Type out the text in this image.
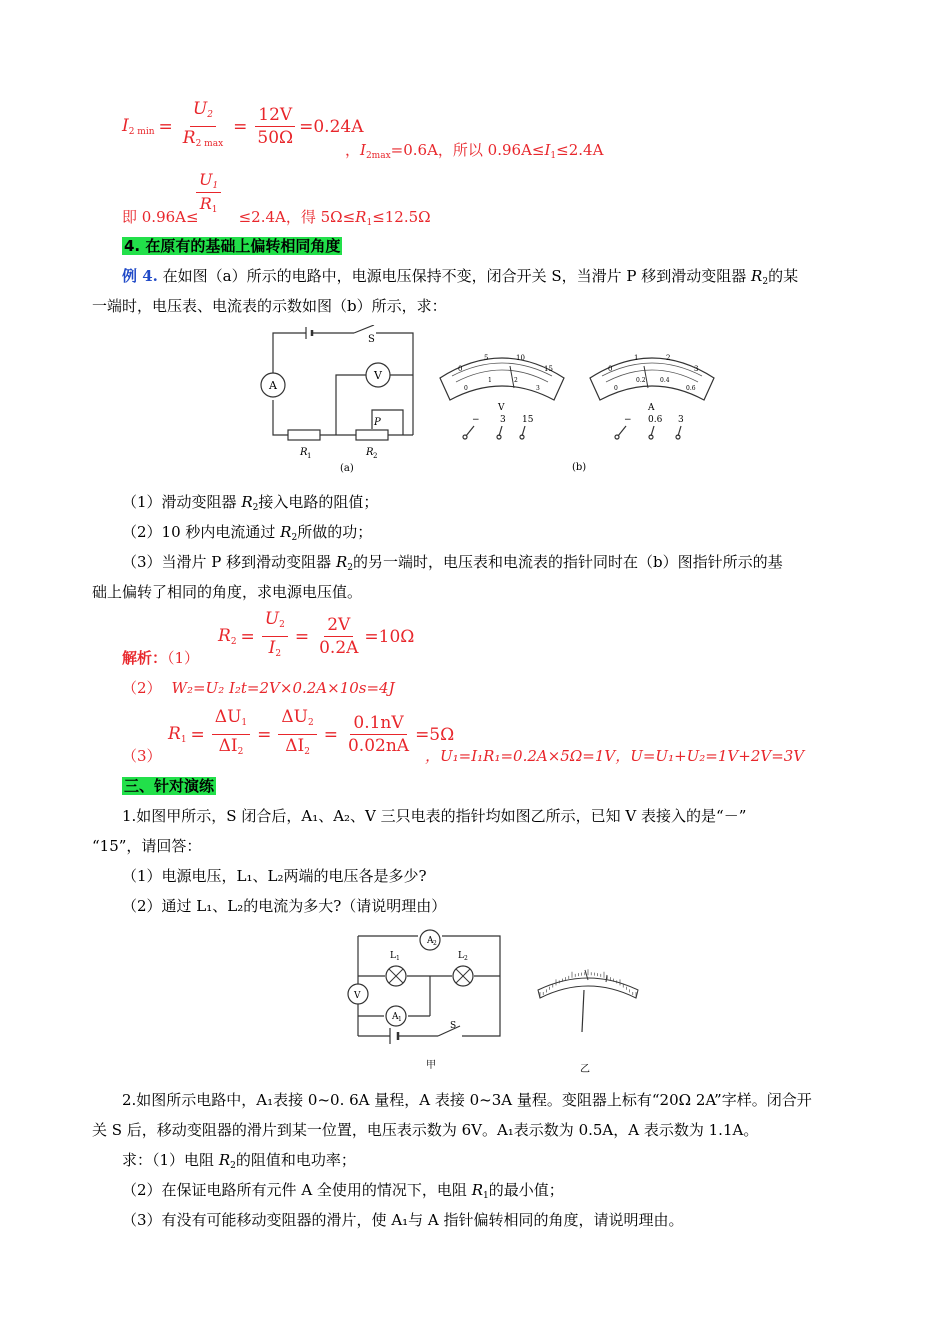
$I_{2 min} = \frac{U_2}{R_{2 max}} = \frac{12V}{50\Omega} =0.24A$
，$I_{2max}=0.6A$，所以 $0.96A\le I_1\le 2.4A$
$U_1$
$R_1$
即 0.96A≤	≤2.4A，得 $5\Omega\le R_1\le 12.5\Omega$
4. 在原有的基础上偏转相同角度
例 4. 在如图（a）所示的电路中，电源电压保持不变，闭合开关 S，当滑片 P 移到滑动变阻器 $R_2$的某
一端时，电压表、电流表的示数如图（b）所示，求：
A
V
S
P
R 1	R 2
(a)
0
5	10
15
0
1	2
3
V
− 3 15
0
1	2
3
0
0.2 0.4
0.6
A
− 0.6 3
(b)
（1）滑动变阻器 $R_2$接入电路的阻值；
（2）10 秒内电流通过 $R_2$所做的功；
（3）当滑片 P 移到滑动变阻器 $R_2$的另一端时，电压表和电流表的指针同时在（b）图指针所示的基
础上偏转了相同的角度，求电源电压值。
$R_2 = \frac{U_2}{I_2} = \frac{2V}{0.2A} =10\Omega$
解析：（1）
（2） W₂=U₂ I₂t=2V×0.2A×10s=4J
$R_1 = \frac{\Delta U_1}{\Delta I_2} = \frac{\Delta U_2}{\Delta I_2} = \frac{0.1nV}{0.02nA} =5\Omega$
（3）	，U₁=I₁R₁=0.2A×5Ω=1V，U=U₁+U₂=1V+2V=3V
三、针对演练
1.如图甲所示，S 闭合后，A₁、A₂、V 三只电表的指针均如图乙所示，已知 V 表接入的是“－”
“15”，请回答：
（1）电源电压，L₁、L₂两端的电压各是多少?
（2）通过 L₁、L₂的电流为多大?（请说明理由）
A 2
L 1	L 2
V
A 1
S
甲	乙
2.如图所示电路中，A₁表接 0~0. 6A 量程，A 表接 0~3A 量程。变阻器上标有“20Ω 2A”字样。闭合开
关 S 后，移动变阻器的滑片到某一位置，电压表示数为 6V。A₁表示数为 0.5A，A 表示数为 1.1A。
求：（1）电阻 $R_2$的阻值和电功率；
（2）在保证电路所有元件 A 全使用的情况下，电阻 $R_1$的最小值；
（3）有没有可能移动变阻器的滑片，使 A₁与 A 指针偏转相同的角度，请说明理由。
